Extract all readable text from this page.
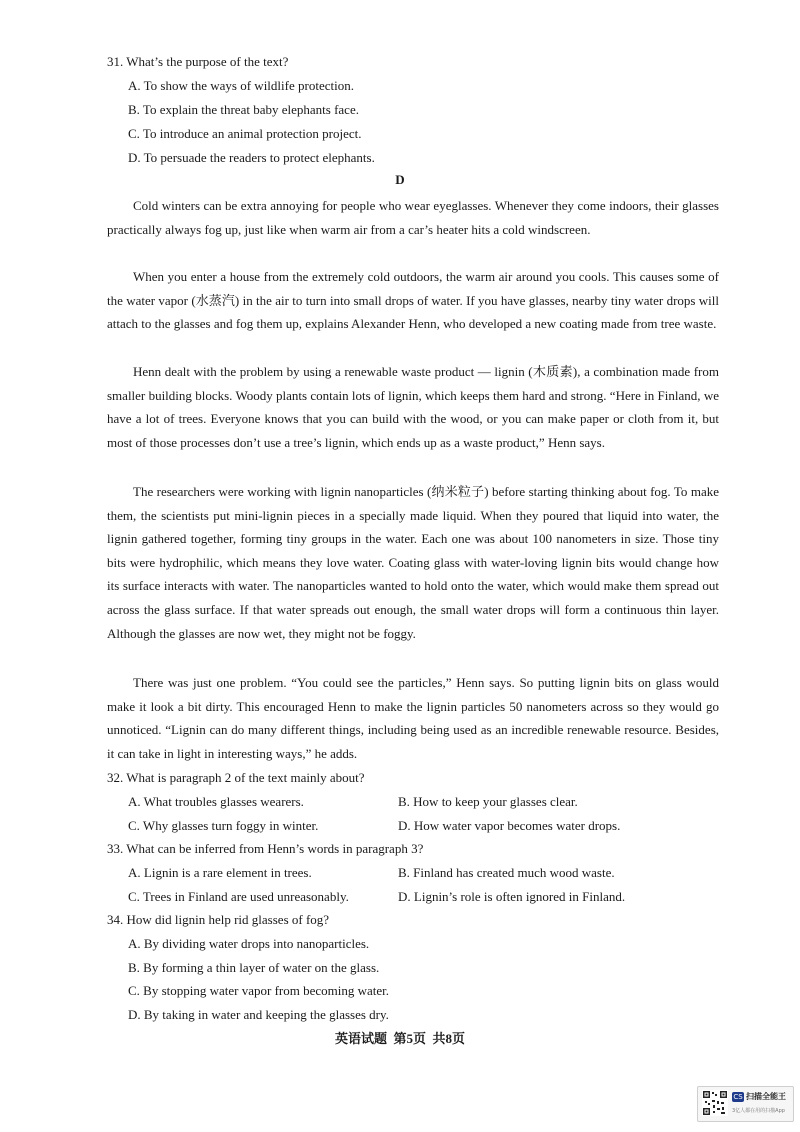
31. What’s the purpose of the text?
A. To show the ways of wildlife protection.
B. To explain the threat baby elephants face.
C. To introduce an animal protection project.
D. To persuade the readers to protect elephants.
D
Cold winters can be extra annoying for people who wear eyeglasses. Whenever they come indoors, their glasses practically always fog up, just like when warm air from a car’s heater hits a cold windscreen.
When you enter a house from the extremely cold outdoors, the warm air around you cools. This causes some of the water vapor (水蒸汽) in the air to turn into small drops of water. If you have glasses, nearby tiny water drops will attach to the glasses and fog them up, explains Alexander Henn, who developed a new coating made from tree waste.
Henn dealt with the problem by using a renewable waste product — lignin (木质素), a combination made from smaller building blocks. Woody plants contain lots of lignin, which keeps them hard and strong. “Here in Finland, we have a lot of trees. Everyone knows that you can build with the wood, or you can make paper or cloth from it, but most of those processes don’t use a tree’s lignin, which ends up as a waste product,” Henn says.
The researchers were working with lignin nanoparticles (纳米粒子) before starting thinking about fog. To make them, the scientists put mini-lignin pieces in a specially made liquid. When they poured that liquid into water, the lignin gathered together, forming tiny groups in the water. Each one was about 100 nanometers in size. Those tiny bits were hydrophilic, which means they love water. Coating glass with water-loving lignin bits would change how its surface interacts with water. The nanoparticles wanted to hold onto the water, which would make them spread out across the glass surface. If that water spreads out enough, the small water drops will form a continuous thin layer. Although the glasses are now wet, they might not be foggy.
There was just one problem. “You could see the particles,” Henn says. So putting lignin bits on glass would make it look a bit dirty. This encouraged Henn to make the lignin particles 50 nanometers across so they would go unnoticed. “Lignin can do many different things, including being used as an incredible renewable resource. Besides, it can take in light in interesting ways,” he adds.
32. What is paragraph 2 of the text mainly about?
A. What troubles glasses wearers.	B. How to keep your glasses clear.
C. Why glasses turn foggy in winter.	D. How water vapor becomes water drops.
33. What can be inferred from Henn’s words in paragraph 3?
A. Lignin is a rare element in trees.	B. Finland has created much wood waste.
C. Trees in Finland are used unreasonably.	D. Lignin’s role is often ignored in Finland.
34. How did lignin help rid glasses of fog?
A. By dividing water drops into nanoparticles.
B. By forming a thin layer of water on the glass.
C. By stopping water vapor from becoming water.
D. By taking in water and keeping the glasses dry.
英语试题  第5页  共8页
CS 扫描全能王
3亿人都在用的扫描App
